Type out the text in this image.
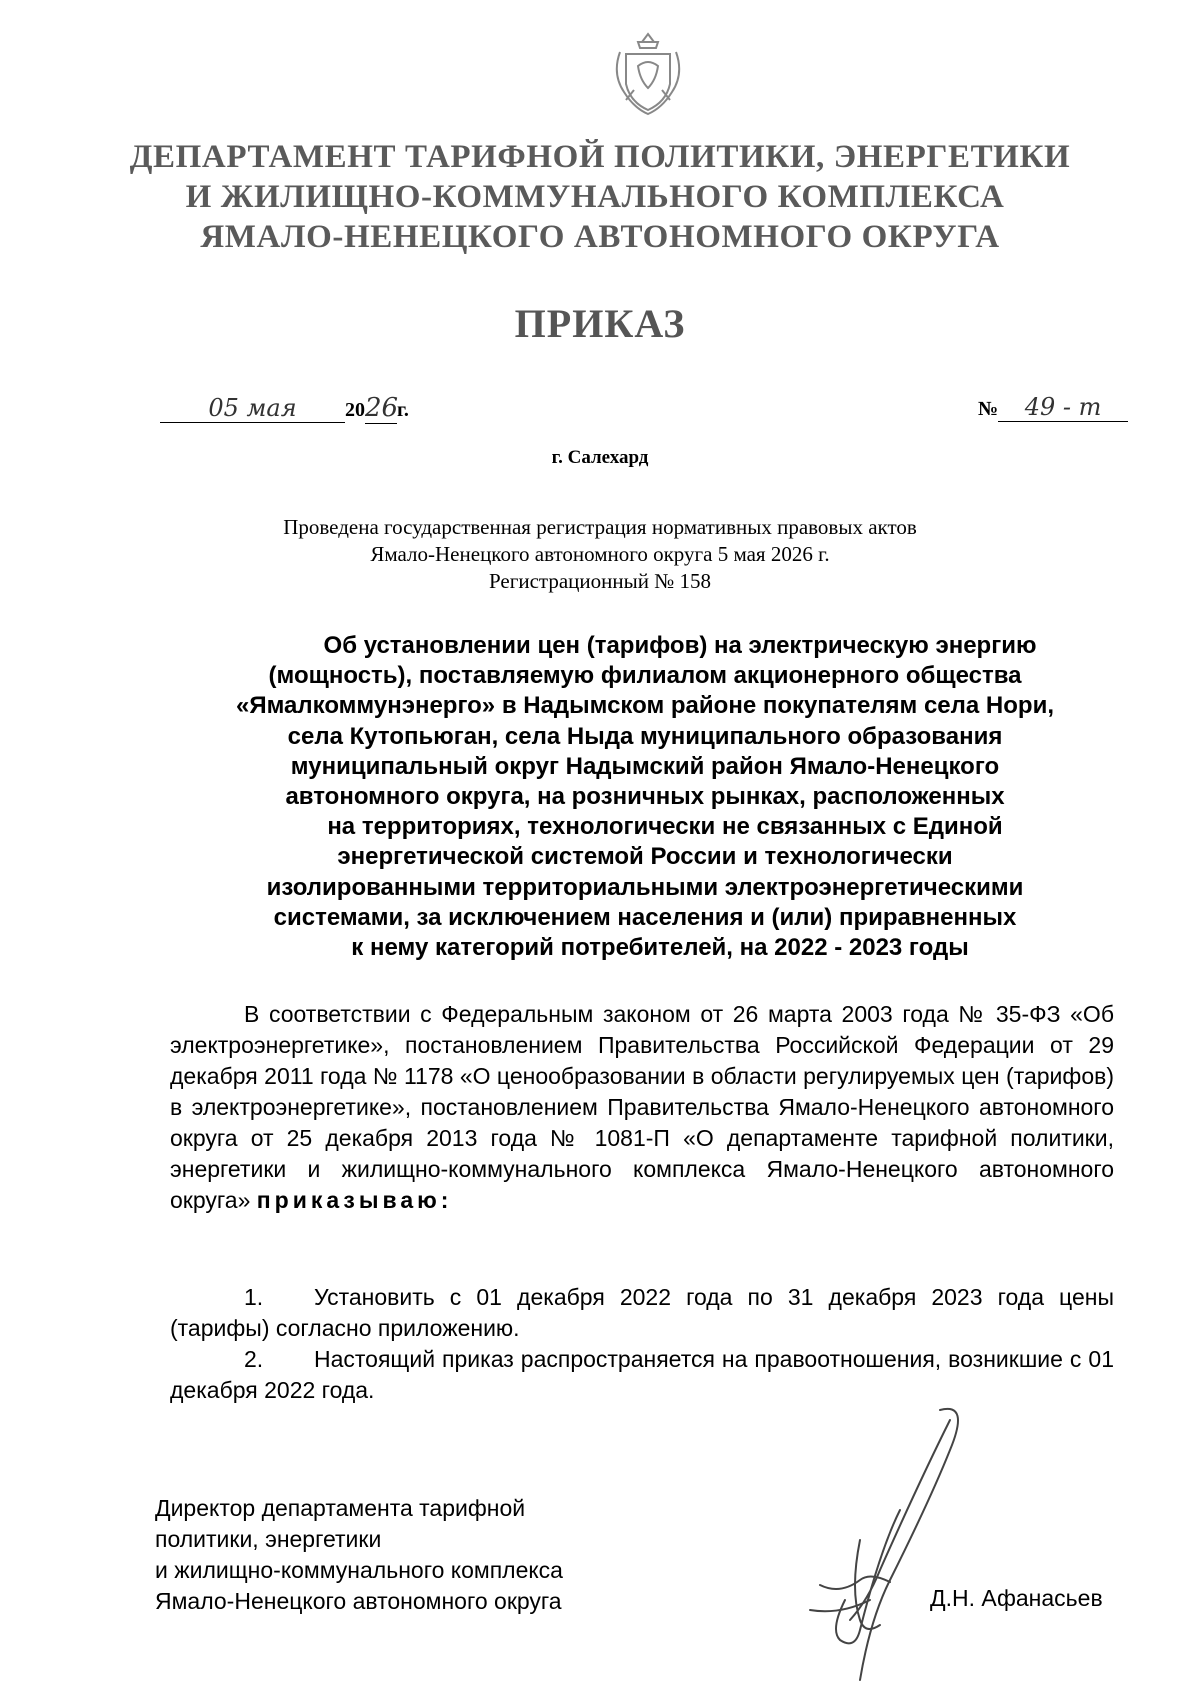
ДЕПАРТАМЕНТ ТАРИФНОЙ ПОЛИТИКИ, ЭНЕРГЕТИКИ
И ЖИЛИЩНО-КОММУНАЛЬНОГО КОМПЛЕКСА
ЯМАЛО-НЕНЕЦКОГО АВТОНОМНОГО ОКРУГА
ПРИКАЗ
05 мая 2026г.	№ 49 - т
г. Салехард
Проведена государственная регистрация нормативных правовых актов
Ямало-Ненецкого автономного округа 5 мая 2026 г.
Регистрационный № 158
Об установлении цен (тарифов) на электрическую энергию
(мощность), поставляемую филиалом акционерного общества
«Ямалкоммунэнерго» в Надымском районе покупателям села Нори,
села Кутопьюган, села Ныда муниципального образования
муниципальный округ Надымский район Ямало-Ненецкого
автономного округа, на розничных рынках, расположенных
на территориях, технологически не связанных с Единой
энергетической системой России и технологически
изолированными территориальными электроэнергетическими
системами, за исключением населения и (или) приравненных
к нему категорий потребителей, на 2022 - 2023 годы
В соответствии с Федеральным законом от 26 марта 2003 года № 35-ФЗ «Об электроэнергетике», постановлением Правительства Российской Федерации от 29 декабря 2011 года № 1178 «О ценообразовании в области регулируемых цен (тарифов) в электроэнергетике», постановлением Правительства Ямало-Ненецкого автономного округа от 25 декабря 2013 года № 1081-П «О департаменте тарифной политики, энергетики и жилищно-коммунального комплекса Ямало-Ненецкого автономного округа» приказываю:
1. Установить с 01 декабря 2022 года по 31 декабря 2023 года цены (тарифы) согласно приложению.
2. Настоящий приказ распространяется на правоотношения, возникшие с 01 декабря 2022 года.
Директор департамента тарифной
политики, энергетики
и жилищно-коммунального комплекса
Ямало-Ненецкого автономного округа	Д.Н. Афанасьев
